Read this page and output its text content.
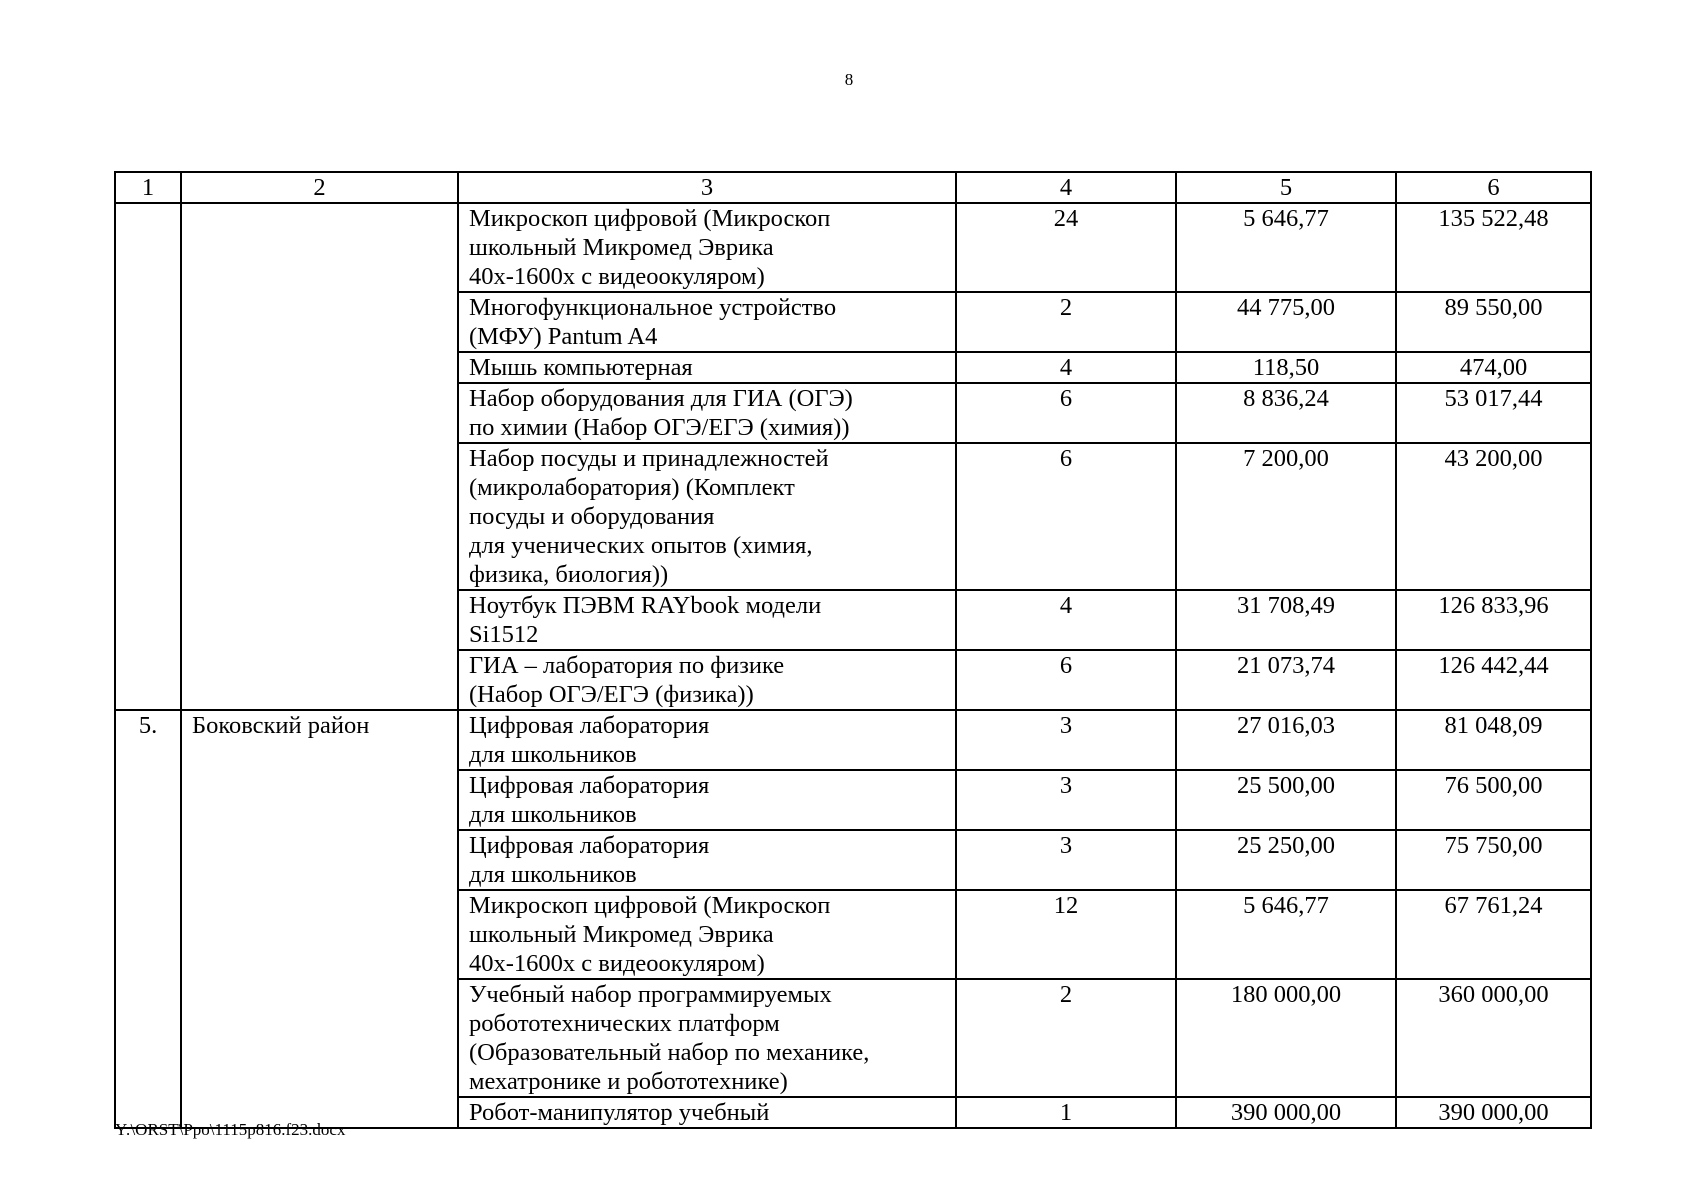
8
1	2	3	4	5	6
		Микроскоп цифровой (Микроскоп
школьный Микромед Эврика
40х-1600х с видеоокуляром)	24	5 646,77	135 522,48
		Многофункциональное устройство
(МФУ) Pantum A4	2	44 775,00	89 550,00
		Мышь компьютерная	4	118,50	474,00
		Набор оборудования для ГИА (ОГЭ)
по химии (Набор ОГЭ/ЕГЭ (химия))	6	8 836,24	53 017,44
		Набор посуды и принадлежностей
(микролаборатория) (Комплект
посуды и оборудования
для ученических опытов (химия,
физика, биология))	6	7 200,00	43 200,00
		Ноутбук ПЭВМ RAYbook модели
Si1512	4	31 708,49	126 833,96
		ГИА – лаборатория по физике
(Набор ОГЭ/ЕГЭ (физика))	6	21 073,74	126 442,44
5.	Боковский район	Цифровая лаборатория
для школьников	3	27 016,03	81 048,09
		Цифровая лаборатория
для школьников	3	25 500,00	76 500,00
		Цифровая лаборатория
для школьников	3	25 250,00	75 750,00
		Микроскоп цифровой (Микроскоп
школьный Микромед Эврика
40х-1600х с видеоокуляром)	12	5 646,77	67 761,24
		Учебный набор программируемых
робототехнических платформ
(Образовательный набор по механике,
мехатронике и робототехнике)	2	180 000,00	360 000,00
		Робот-манипулятор учебный	1	390 000,00	390 000,00
Y:\ORST\Ppo\1115p816.f23.docx
